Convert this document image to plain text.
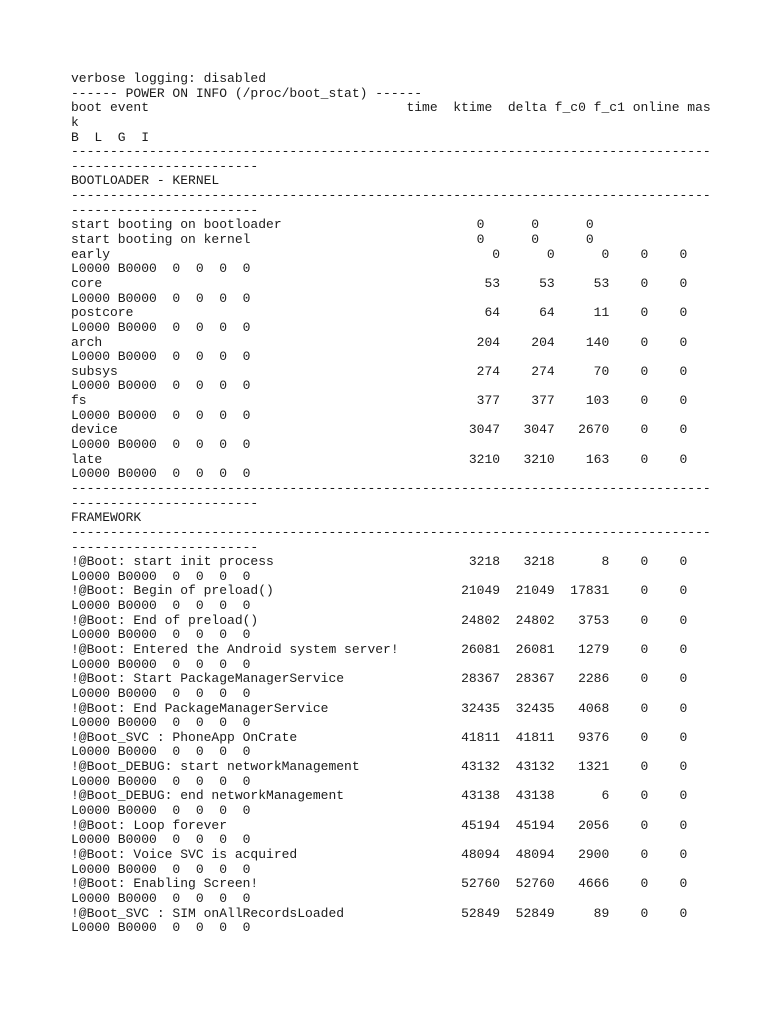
verbose logging: disabled
------ POWER ON INFO (/proc/boot_stat) ------
boot event                                 time  ktime  delta f_c0 f_c1 online mas
k
B  L  G  I
----------------------------------------------------------------------------------
------------------------
BOOTLOADER - KERNEL
----------------------------------------------------------------------------------
------------------------
start booting on bootloader                         0      0      0
start booting on kernel                             0      0      0
early                                                 0      0      0    0    0
L0000 B0000  0  0  0  0
core                                                 53     53     53    0    0
L0000 B0000  0  0  0  0
postcore                                             64     64     11    0    0
L0000 B0000  0  0  0  0
arch                                                204    204    140    0    0
L0000 B0000  0  0  0  0
subsys                                              274    274     70    0    0
L0000 B0000  0  0  0  0
fs                                                  377    377    103    0    0
L0000 B0000  0  0  0  0
device                                             3047   3047   2670    0    0
L0000 B0000  0  0  0  0
late                                               3210   3210    163    0    0
L0000 B0000  0  0  0  0
----------------------------------------------------------------------------------
------------------------
FRAMEWORK
----------------------------------------------------------------------------------
------------------------
!@Boot: start init process                         3218   3218      8    0    0
L0000 B0000  0  0  0  0
!@Boot: Begin of preload()                        21049  21049  17831    0    0
L0000 B0000  0  0  0  0
!@Boot: End of preload()                          24802  24802   3753    0    0
L0000 B0000  0  0  0  0
!@Boot: Entered the Android system server!        26081  26081   1279    0    0
L0000 B0000  0  0  0  0
!@Boot: Start PackageManagerService               28367  28367   2286    0    0
L0000 B0000  0  0  0  0
!@Boot: End PackageManagerService                 32435  32435   4068    0    0
L0000 B0000  0  0  0  0
!@Boot_SVC : PhoneApp OnCrate                     41811  41811   9376    0    0
L0000 B0000  0  0  0  0
!@Boot_DEBUG: start networkManagement             43132  43132   1321    0    0
L0000 B0000  0  0  0  0
!@Boot_DEBUG: end networkManagement               43138  43138      6    0    0
L0000 B0000  0  0  0  0
!@Boot: Loop forever                              45194  45194   2056    0    0
L0000 B0000  0  0  0  0
!@Boot: Voice SVC is acquired                     48094  48094   2900    0    0
L0000 B0000  0  0  0  0
!@Boot: Enabling Screen!                          52760  52760   4666    0    0
L0000 B0000  0  0  0  0
!@Boot_SVC : SIM onAllRecordsLoaded               52849  52849     89    0    0
L0000 B0000  0  0  0  0
